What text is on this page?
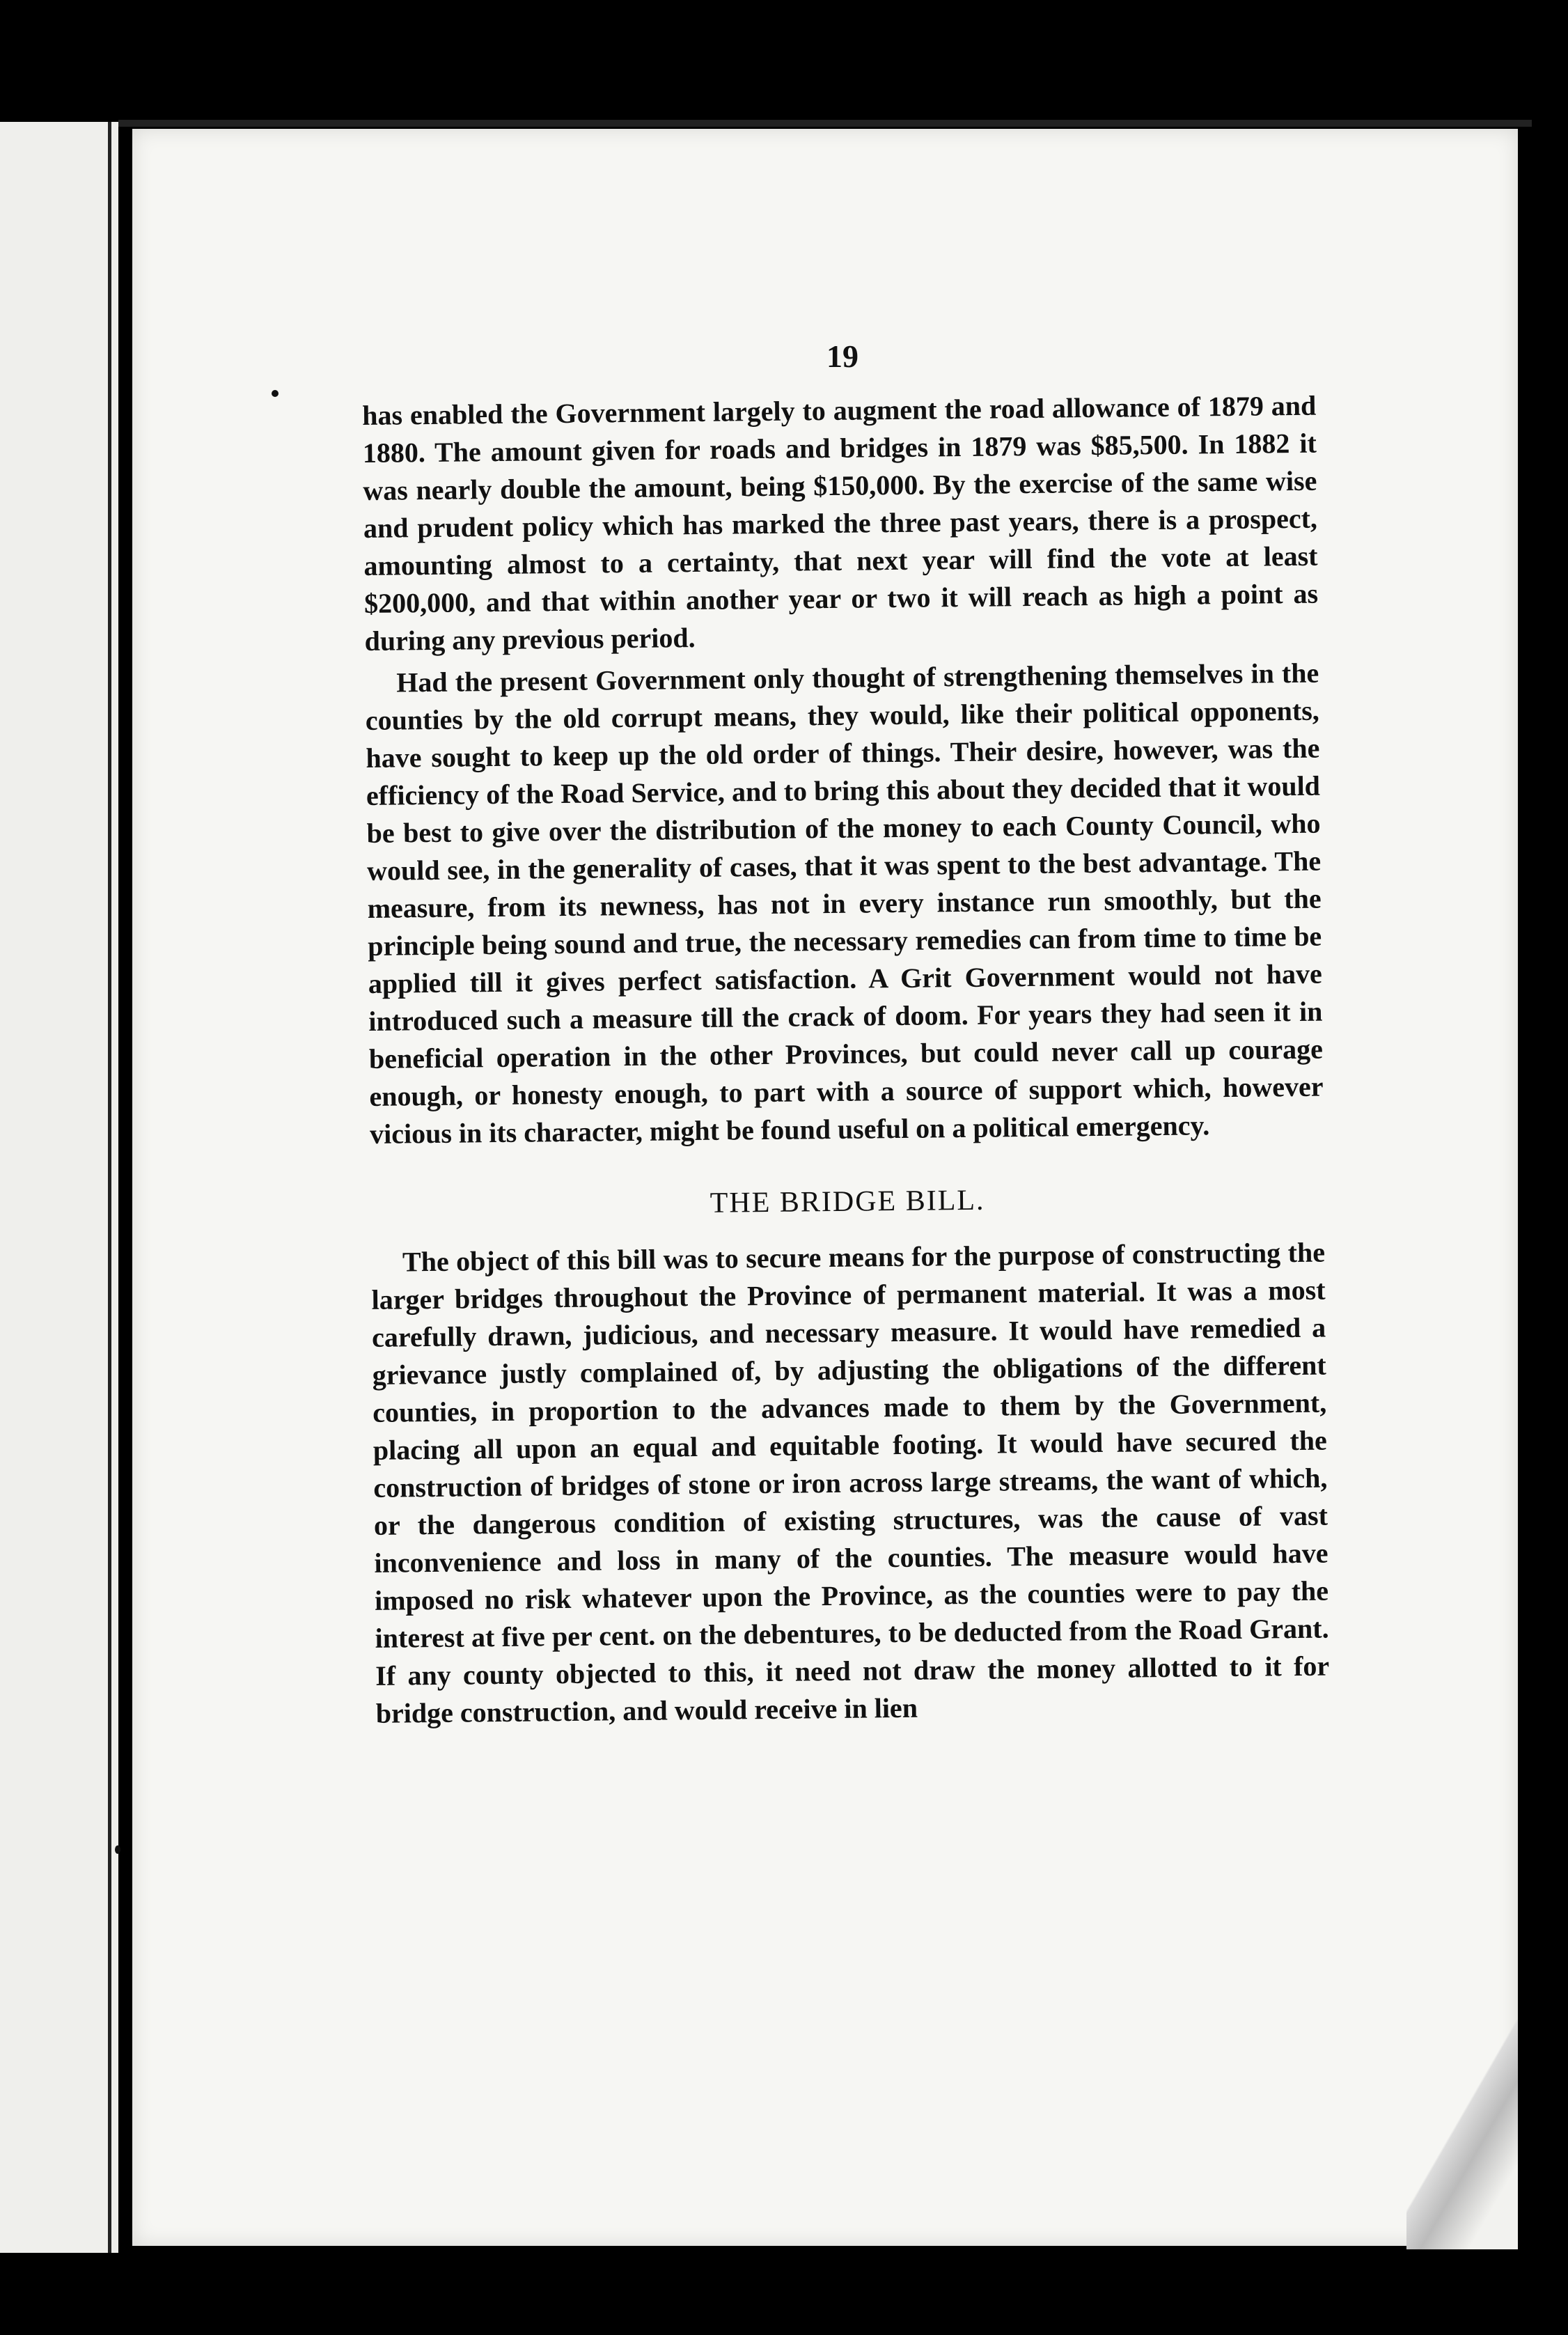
19

has enabled the Government largely to augment the road allowance of 1879 and 1880. The amount given for roads and bridges in 1879 was $85,500. In 1882 it was nearly double the amount, being $150,000. By the exercise of the same wise and prudent policy which has marked the three past years, there is a prospect, amounting almost to a certainty, that next year will find the vote at least $200,000, and that within another year or two it will reach as high a point as during any previous period.

Had the present Government only thought of strengthening themselves in the counties by the old corrupt means, they would, like their political opponents, have sought to keep up the old order of things. Their desire, however, was the efficiency of the Road Service, and to bring this about they decided that it would be best to give over the distribution of the money to each County Council, who would see, in the generality of cases, that it was spent to the best advantage. The measure, from its newness, has not in every instance run smoothly, but the principle being sound and true, the necessary remedies can from time to time be applied till it gives perfect satisfaction. A Grit Government would not have introduced such a measure till the crack of doom. For years they had seen it in beneficial operation in the other Provinces, but could never call up courage enough, or honesty enough, to part with a source of support which, however vicious in its character, might be found useful on a political emergency.

THE BRIDGE BILL.

The object of this bill was to secure means for the purpose of constructing the larger bridges throughout the Province of permanent material. It was a most carefully drawn, judicious, and necessary measure. It would have remedied a grievance justly complained of, by adjusting the obligations of the different counties, in proportion to the advances made to them by the Government, placing all upon an equal and equitable footing. It would have secured the construction of bridges of stone or iron across large streams, the want of which, or the dangerous condition of existing structures, was the cause of vast inconvenience and loss in many of the counties. The measure would have imposed no risk whatever upon the Province, as the counties were to pay the interest at five per cent. on the debentures, to be deducted from the Road Grant. If any county objected to this, it need not draw the money allotted to it for bridge construction, and would receive in lien
